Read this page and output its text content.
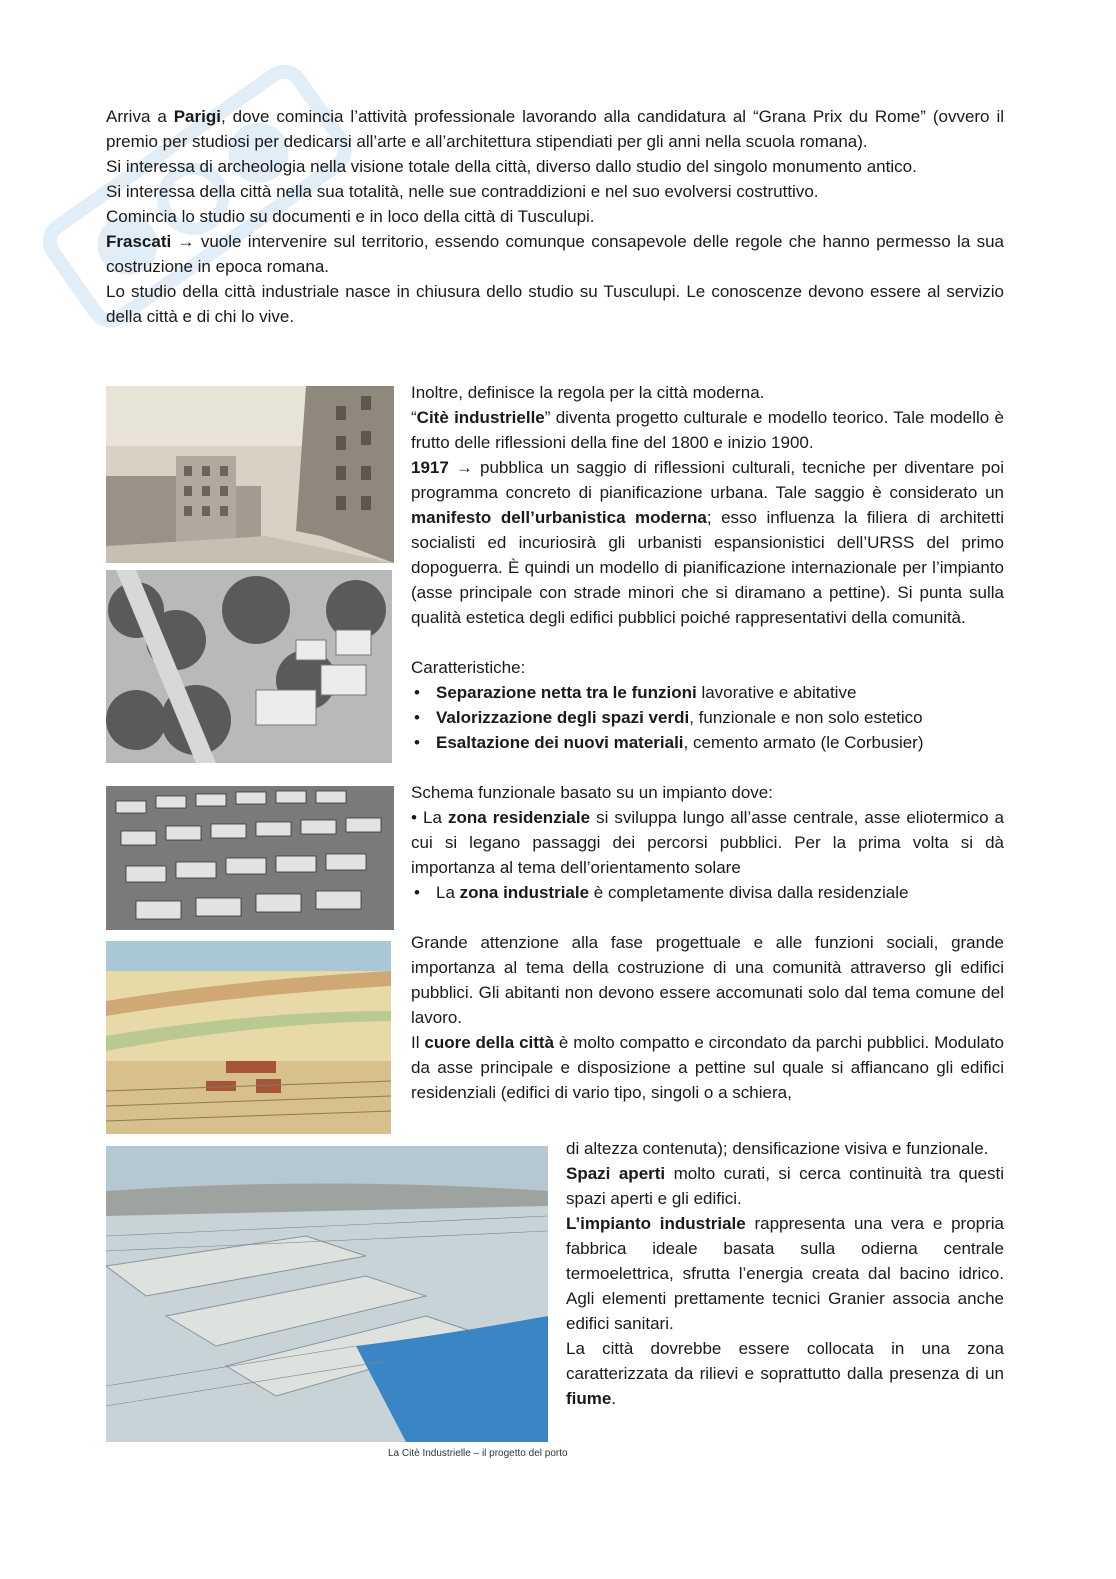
Arriva a Parigi, dove comincia l’attività professionale lavorando alla candidatura al “Grana Prix du Rome” (ovvero il premio per studiosi per dedicarsi all’arte e all’architettura stipendiati per gli anni nella scuola romana).

Si interessa di archeologia nella visione totale della città, diverso dallo studio del singolo monumento antico.

Si interessa della città nella sua totalità, nelle sue contraddizioni e nel suo evolversi costruttivo.

Comincia lo studio su documenti e in loco della città di Tusculupi.

Frascati → vuole intervenire sul territorio, essendo comunque consapevole delle regole che hanno permesso la sua costruzione in epoca romana.

Lo studio della città industriale nasce in chiusura dello studio su Tusculupi. Le conoscenze devono essere al servizio della città e di chi lo vive.

La Citè Industrielle – il progetto del porto

Inoltre, definisce la regola per la città moderna.

“Citè industrielle” diventa progetto culturale e modello teorico. Tale modello è frutto delle riflessioni della fine del 1800 e inizio 1900.

1917 → pubblica un saggio di riflessioni culturali, tecniche per diventare poi programma concreto di pianificazione urbana. Tale saggio è considerato un manifesto dell’urbanistica moderna; esso influenza la filiera di architetti socialisti ed incuriosirà gli urbanisti espansionistici dell’URSS del primo dopoguerra. È quindi un modello di pianificazione internazionale per l’impianto (asse principale con strade minori che si diramano a pettine). Si punta sulla qualità estetica degli edifici pubblici poiché rappresentativi della comunità.

Caratteristiche:

• Separazione netta tra le funzioni lavorative e abitative
• Valorizzazione degli spazi verdi, funzionale e non solo estetico
• Esaltazione dei nuovi materiali, cemento armato (le Corbusier)

Schema funzionale basato su un impianto dove:

• La zona residenziale si sviluppa lungo all’asse centrale, asse eliotermico a cui si legano passaggi dei percorsi pubblici. Per la prima volta si dà importanza al tema dell’orientamento solare

• La zona industriale è completamente divisa dalla residenziale

Grande attenzione alla fase progettuale e alle funzioni sociali, grande importanza al tema della costruzione di una comunità attraverso gli edifici pubblici. Gli abitanti non devono essere accomunati solo dal tema comune del lavoro.

Il cuore della città è molto compatto e circondato da parchi pubblici. Modulato da asse principale e disposizione a pettine sul quale si affiancano gli edifici residenziali (edifici di vario tipo, singoli o a schiera,

di altezza contenuta); densificazione visiva e funzionale.

Spazi aperti molto curati, si cerca continuità tra questi spazi aperti e gli edifici.

L’impianto industriale rappresenta una vera e propria fabbrica ideale basata sulla odierna centrale termoelettrica, sfrutta l’energia creata dal bacino idrico. Agli elementi prettamente tecnici Granier associa anche edifici sanitari.

La città dovrebbe essere collocata in una zona caratterizzata da rilievi e soprattutto dalla presenza di un fiume.
